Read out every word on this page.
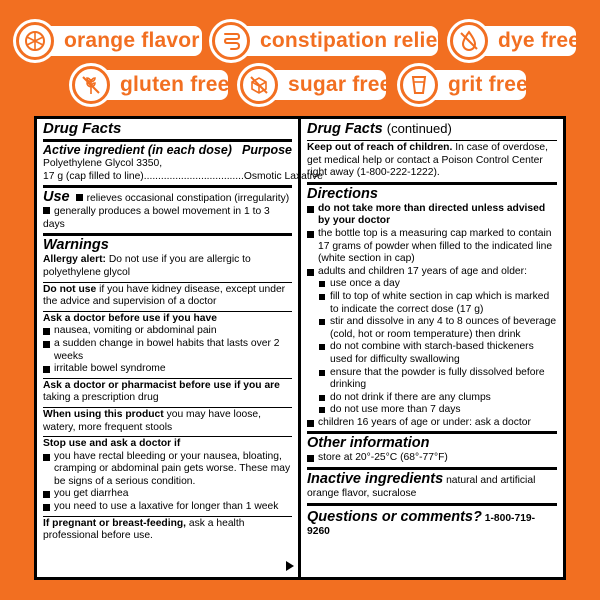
orange flavor	constipation relief	dye free
gluten free	sugar free	grit free
Drug Facts
Active ingredient (in each dose) Purpose
Polyethylene Glycol 3350,
17 g (cap filled to line)................................... Osmotic Laxative
Use relieves occasional constipation (irregularity)
generally produces a bowel movement in 1 to 3 days
Warnings
Allergy alert: Do not use if you are allergic to polyethylene glycol
Do not use if you have kidney disease, except under the advice and supervision of a doctor
Ask a doctor before use if you have
nausea, vomiting or abdominal pain
a sudden change in bowel habits that lasts over 2 weeks
irritable bowel syndrome
Ask a doctor or pharmacist before use if you are taking a prescription drug
When using this product you may have loose, watery, more frequent stools
Stop use and ask a doctor if
you have rectal bleeding or your nausea, bloating, cramping or abdominal pain gets worse. These may be signs of a serious condition.
you get diarrhea
you need to use a laxative for longer than 1 week
If pregnant or breast-feeding, ask a health professional before use.
Drug Facts (continued)
Keep out of reach of children. In case of overdose, get medical help or contact a Poison Control Center right away (1-800-222-1222).
Directions
do not take more than directed unless advised by your doctor
the bottle top is a measuring cap marked to contain 17 grams of powder when filled to the indicated line (white section in cap)
adults and children 17 years of age and older:
use once a day
fill to top of white section in cap which is marked to indicate the correct dose (17 g)
stir and dissolve in any 4 to 8 ounces of beverage (cold, hot or room temperature) then drink
do not combine with starch-based thickeners used for difficulty swallowing
ensure that the powder is fully dissolved before drinking
do not drink if there are any clumps
do not use more than 7 days
children 16 years of age or under: ask a doctor
Other information
store at 20°-25°C (68°-77°F)
Inactive ingredients natural and artificial orange flavor, sucralose
Questions or comments? 1-800-719-9260
